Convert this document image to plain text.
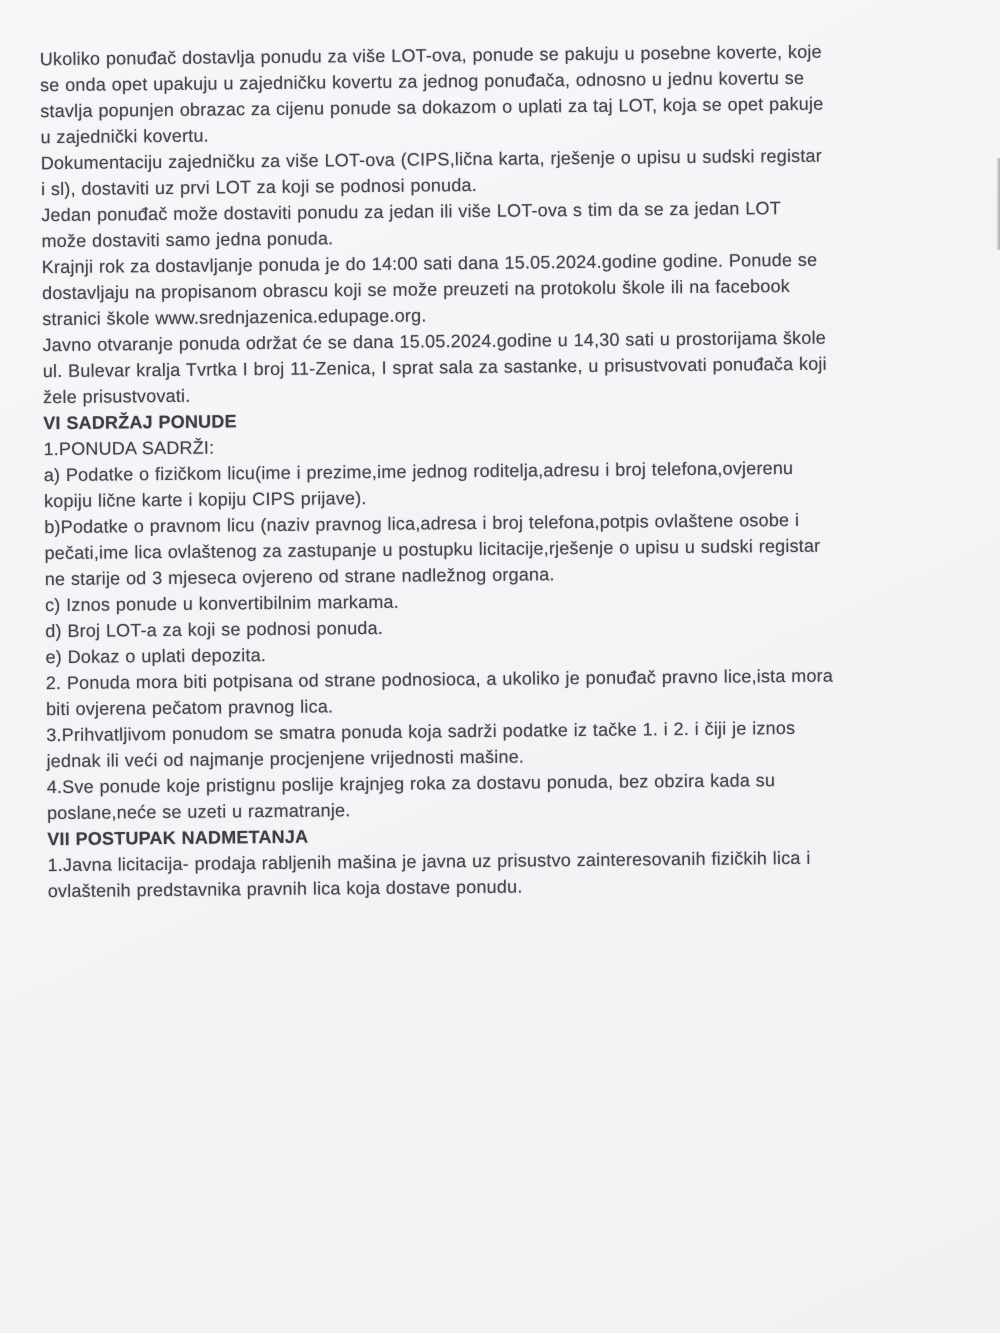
Ukoliko ponuđač dostavlja ponudu za više LOT-ova, ponude se pakuju u posebne koverte, koje
se onda opet upakuju u zajedničku kovertu za jednog ponuđača, odnosno u jednu kovertu se
stavlja popunjen obrazac za cijenu ponude sa dokazom o uplati za taj LOT, koja se opet pakuje
u zajednički kovertu.

Dokumentaciju zajedničku za više LOT-ova (CIPS,lična karta, rješenje o upisu u sudski registar
i sl), dostaviti uz prvi LOT za koji se podnosi ponuda.

Jedan ponuđač može dostaviti ponudu za jedan ili više LOT-ova s tim da se za jedan LOT
može dostaviti samo jedna ponuda.

Krajnji rok za dostavljanje ponuda je do 14:00 sati dana 15.05.2024.godine godine. Ponude se
dostavljaju na propisanom obrascu koji se može preuzeti na protokolu škole ili na facebook
stranici škole www.srednjazenica.edupage.org.

Javno otvaranje ponuda održat će se dana 15.05.2024.godine u 14,30 sati u prostorijama škole
ul. Bulevar kralja Tvrtka I broj 11-Zenica, I sprat sala za sastanke, u prisustvovati ponuđača koji
žele prisustvovati.

VI SADRŽAJ PONUDE

1.PONUDA SADRŽI:

a) Podatke o fizičkom licu(ime i prezime,ime jednog roditelja,adresu i broj telefona,ovjerenu
kopiju lične karte i kopiju CIPS prijave).

b)Podatke o pravnom licu (naziv pravnog lica,adresa i broj telefona,potpis ovlaštene osobe i
pečati,ime lica ovlaštenog za zastupanje u postupku licitacije,rješenje o upisu u sudski registar
ne starije od 3 mjeseca ovjereno od strane nadležnog organa.

c) Iznos ponude u konvertibilnim markama.

d) Broj LOT-a za koji se podnosi ponuda.

e) Dokaz o uplati depozita.

2. Ponuda mora biti potpisana od strane podnosioca, a ukoliko je ponuđač pravno lice,ista mora
biti ovjerena pečatom pravnog lica.

3.Prihvatljivom ponudom se smatra ponuda koja sadrži podatke iz tačke 1. i 2. i čiji je iznos
jednak ili veći od najmanje procjenjene vrijednosti mašine.

4.Sve ponude koje pristignu poslije krajnjeg roka za dostavu ponuda, bez obzira kada su
poslane,neće se uzeti u razmatranje.

VII POSTUPAK NADMETANJA

1.Javna licitacija- prodaja rabljenih mašina je javna uz prisustvo zainteresovanih fizičkih lica i
ovlaštenih predstavnika pravnih lica koja dostave ponudu.
